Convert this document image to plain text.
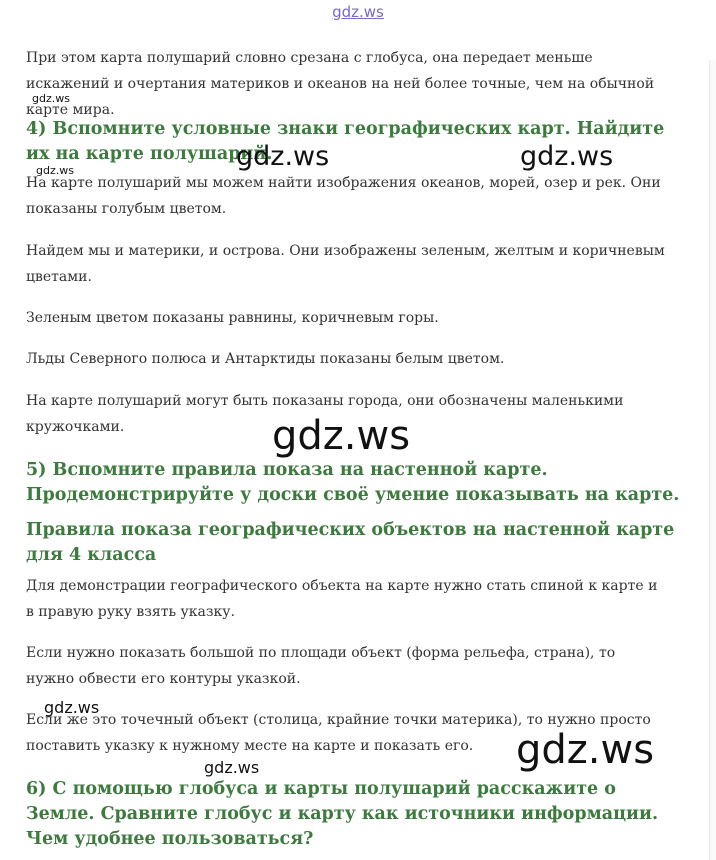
gdz.ws

При этом карта полушарий словно срезана с глобуса, она передает меньше искажений и очертания материков и океанов на ней более точные, чем на обычной карте мира.

gdz.ws
4) Вспомните условные знаки географических карт. Найдите их на карте полушарий.
gdz.ws	gdz.ws
gdz.ws

На карте полушарий мы можем найти изображения океанов, морей, озер и рек. Они показаны голубым цветом.

Найдем мы и материки, и острова. Они изображены зеленым, желтым и коричневым цветами.

Зеленым цветом показаны равнины, коричневым горы.

Льды Северного полюса и Антарктиды показаны белым цветом.

На карте полушарий могут быть показаны города, они обозначены маленькими кружочками.	gdz.ws
5) Вспомните правила показа на настенной карте. Продемонстрируйте у доски своё умение показывать на карте.
Правила показа географических объектов на настенной карте для 4 класса

Для демонстрации географического объекта на карте нужно стать спиной к карте и в правую руку взять указку.

Если нужно показать большой по площади объект (форма рельефа, страна), то нужно обвести его контуры указкой.

gdz.ws

Если же это точечный объект (столица, крайние точки материка), то нужно просто поставить указку к нужному месте на карте и показать его.	gdz.ws
gdz.ws
6) С помощью глобуса и карты полушарий расскажите о Земле. Сравните глобус и карту как источники информации. Чем удобнее пользоваться?
